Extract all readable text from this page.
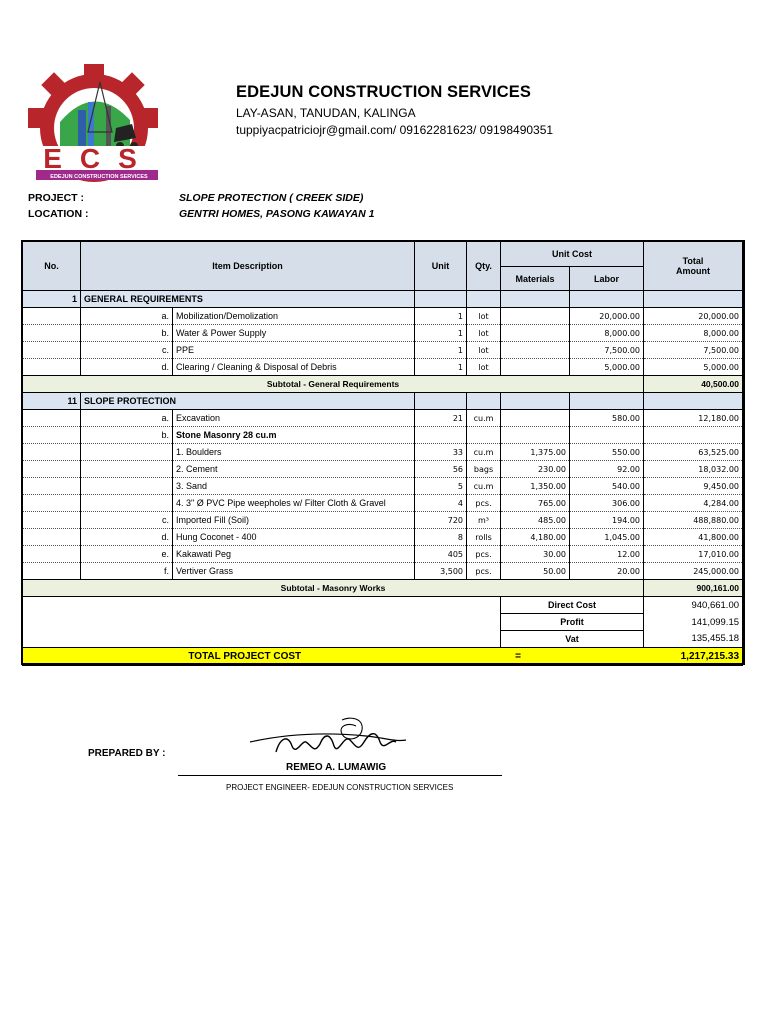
EDEJUN CONSTRUCTION SERVICES
ECS
EDEJUN CONSTRUCTION SERVICES
LAY-ASAN, TANUDAN, KALINGA
tuppiyacpatriciojr@gmail.com/ 09162281623/ 09198490351
PROJECT :	SLOPE PROTECTION ( CREEK SIDE)
LOCATION :	GENTRI HOMES, PASONG KAWAYAN 1
No.	Item Description		Unit	Qty.	Unit Cost		Total
Amount
					Materials	Labor	
1	GENERAL REQUIREMENTS						
	a.	Mobilization/Demolization	1	lot		20,000.00	20,000.00
	b.	Water & Power Supply	1	lot		8,000.00	8,000.00
	c.	PPE	1	lot		7,500.00	7,500.00
	d.	Clearing / Cleaning & Disposal of Debris	1	lot		5,000.00	5,000.00
Subtotal - General Requirements							40,500.00
11	SLOPE PROTECTION						
	a.	Excavation	21	cu.m		580.00	12,180.00
	b.	Stone Masonry 28 cu.m					
		1. Boulders	33	cu.m	1,375.00	550.00	63,525.00
		2. Cement	56	bags	230.00	92.00	18,032.00
		3. Sand	5	cu.m	1,350.00	540.00	9,450.00
		4. 3" Ø PVC Pipe weepholes w/ Filter Cloth & Gravel	4	pcs.	765.00	306.00	4,284.00
	c.	Imported Fill (Soil)	720	m³	485.00	194.00	488,880.00
	d.	Hung Coconet - 400	8	rolls	4,180.00	1,045.00	41,800.00
	e.	Kakawati Peg	405	pcs.	30.00	12.00	17,010.00
	f.	Vertiver Grass	3,500	pcs.	50.00	20.00	245,000.00
Subtotal - Masonry Works							900,161.00
					Direct Cost		940,661.00
					Profit		141,099.15
					Vat		135,455.18
TOTAL PROJECT COST				=		1,217,215.33	
PREPARED BY :
REMEO A. LUMAWIG
PROJECT ENGINEER- EDEJUN CONSTRUCTION SERVICES
